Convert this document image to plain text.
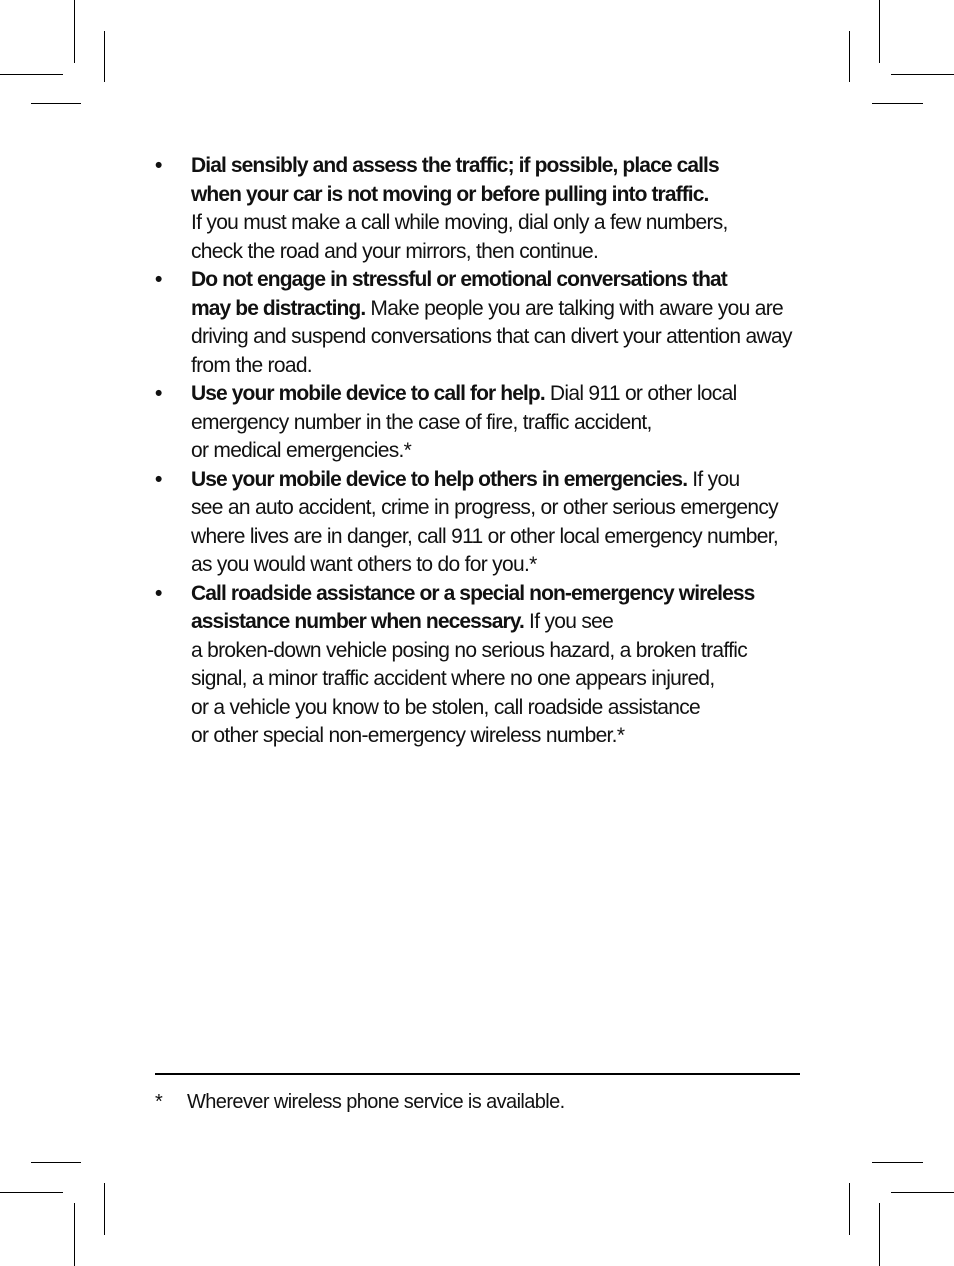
• Dial sensibly and assess the traffic; if possible, place calls
when your car is not moving or before pulling into traffic.
If you must make a call while moving, dial only a few numbers,
check the road and your mirrors, then continue.
• Do not engage in stressful or emotional conversations that
may be distracting. Make people you are talking with aware you are
driving and suspend conversations that can divert your attention away
from the road.
• Use your mobile device to call for help. Dial 911 or other local
emergency number in the case of fire, traffic accident,
or medical emergencies.*
• Use your mobile device to help others in emergencies. If you
see an auto accident, crime in progress, or other serious emergency
where lives are in danger, call 911 or other local emergency number,
as you would want others to do for you.*
• Call roadside assistance or a special non-emergency wireless
assistance number when necessary. If you see
a broken-down vehicle posing no serious hazard, a broken traffic
signal, a minor traffic accident where no one appears injured,
or a vehicle you know to be stolen, call roadside assistance
or other special non-emergency wireless number.*
* Wherever wireless phone service is available.
